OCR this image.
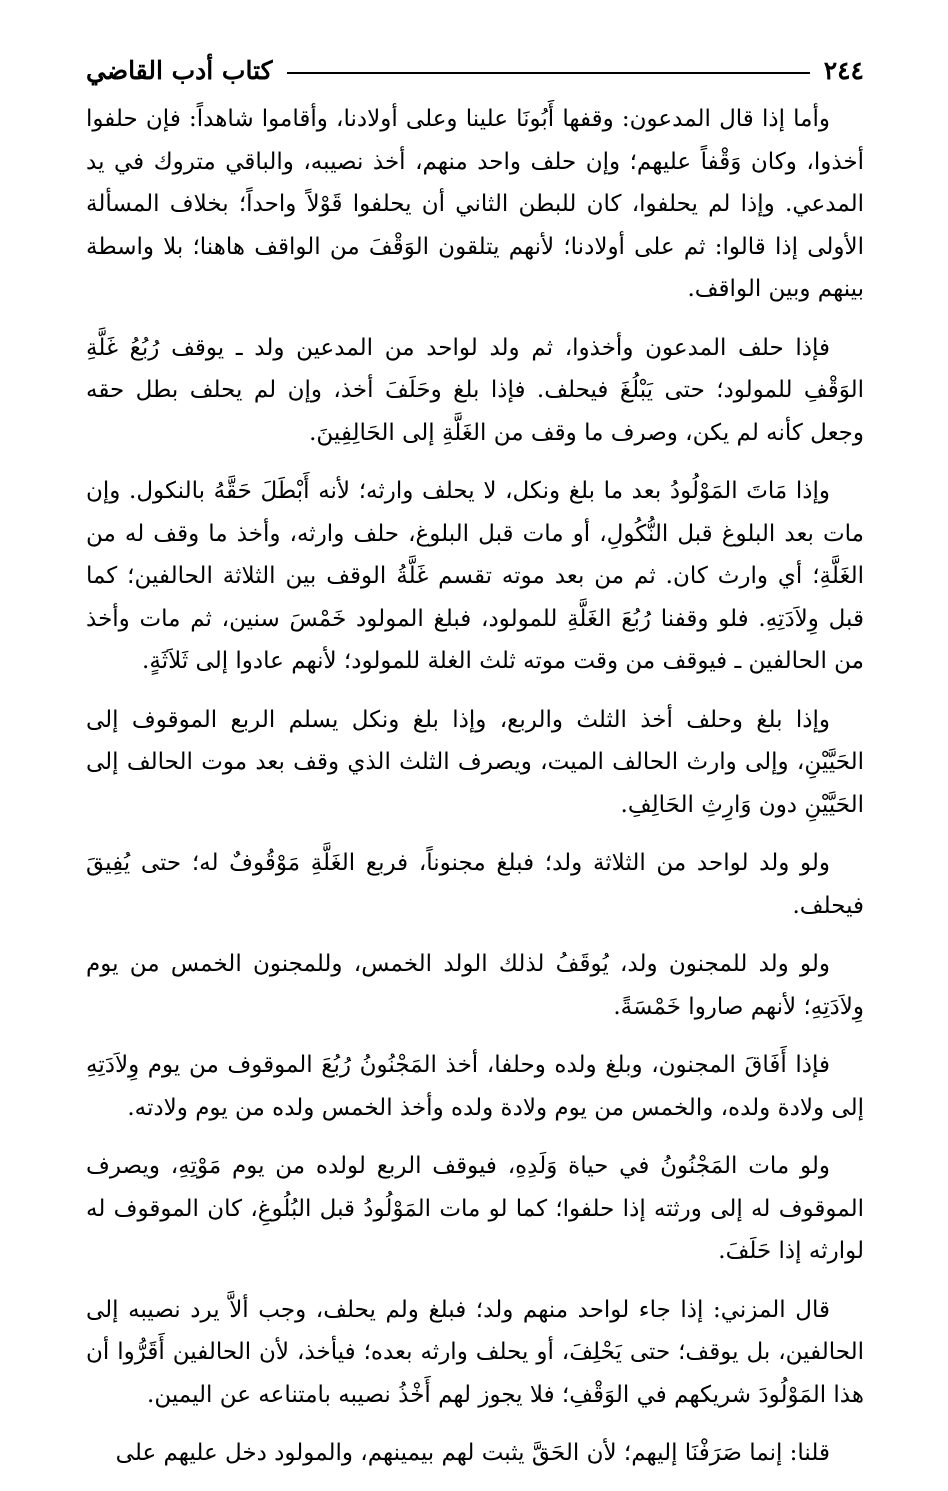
٢٤٤
كتاب أدب القاضي

وأما إذا قال المدعون: وقفها أَبُونَا علينا وعلى أولادنا، وأقاموا شاهداً: فإن حلفوا أخذوا، وكان وَقْفاً عليهم؛ وإن حلف واحد منهم، أخذ نصيبه، والباقي متروك في يد المدعي. وإذا لم يحلفوا، كان للبطن الثاني أن يحلفوا قَوْلاً واحداً؛ بخلاف المسألة الأولى إذا قالوا: ثم على أولادنا؛ لأنهم يتلقون الوَقْفَ من الواقف هاهنا؛ بلا واسطة بينهم وبين الواقف.

فإذا حلف المدعون وأخذوا، ثم ولد لواحد من المدعين ولد ـ يوقف رُبُعُ غَلَّةِ الوَقْفِ للمولود؛ حتى يَبْلُغَ فيحلف. فإذا بلغ وحَلَفَ أخذ، وإن لم يحلف بطل حقه وجعل كأنه لم يكن، وصرف ما وقف من الغَلَّةِ إلى الحَالِفِينَ.

وإذا مَاتَ المَوْلُودُ بعد ما بلغ ونكل، لا يحلف وارثه؛ لأنه أَبْطَلَ حَقَّهُ بالنكول. وإن مات بعد البلوغ قبل النُّكُولِ، أو مات قبل البلوغ، حلف وارثه، وأخذ ما وقف له من الغَلَّةِ؛ أي وارث كان. ثم من بعد موته تقسم غَلَّةُ الوقف بين الثلاثة الحالفين؛ كما قبل وِلاَدَتِهِ. فلو وقفنا رُبُعَ الغَلَّةِ للمولود، فبلغ المولود خَمْسَ سنين، ثم مات وأخذ من الحالفين ـ فيوقف من وقت موته ثلث الغلة للمولود؛ لأنهم عادوا إلى ثَلاَثَةٍ.

وإذا بلغ وحلف أخذ الثلث والربع، وإذا بلغ ونكل يسلم الربع الموقوف إلى الحَيَّيْنِ، وإلى وارث الحالف الميت، ويصرف الثلث الذي وقف بعد موت الحالف إلى الحَيَّيْنِ دون وَارِثِ الحَالِفِ.

ولو ولد لواحد من الثلاثة ولد؛ فبلغ مجنوناً، فربع الغَلَّةِ مَوْقُوفٌ له؛ حتى يُفِيقَ فيحلف.

ولو ولد للمجنون ولد، يُوقَفُ لذلك الولد الخمس، وللمجنون الخمس من يوم وِلاَدَتِهِ؛ لأنهم صاروا خَمْسَةً.

فإذا أَفَاقَ المجنون، وبلغ ولده وحلفا، أخذ المَجْنُونُ رُبُعَ الموقوف من يوم وِلاَدَتِهِ إلى ولادة ولده، والخمس من يوم ولادة ولده وأخذ الخمس ولده من يوم ولادته.

ولو مات المَجْنُونُ في حياة وَلَدِهِ، فيوقف الربع لولده من يوم مَوْتِهِ، ويصرف الموقوف له إلى ورثته إذا حلفوا؛ كما لو مات المَوْلُودُ قبل البُلُوغِ، كان الموقوف له لوارثه إذا حَلَفَ.

قال المزني: إذا جاء لواحد منهم ولد؛ فبلغ ولم يحلف، وجب ألاَّ يرد نصيبه إلى الحالفين، بل يوقف؛ حتى يَحْلِفَ، أو يحلف وارثه بعده؛ فيأخذ، لأن الحالفين أَقَرُّوا أن هذا المَوْلُودَ شريكهم في الوَقْفِ؛ فلا يجوز لهم أَخْذُ نصيبه بامتناعه عن اليمين.

قلنا: إنما صَرَفْنَا إليهم؛ لأن الحَقَّ يثبت لهم بيمينهم، والمولود دخل عليهم على
